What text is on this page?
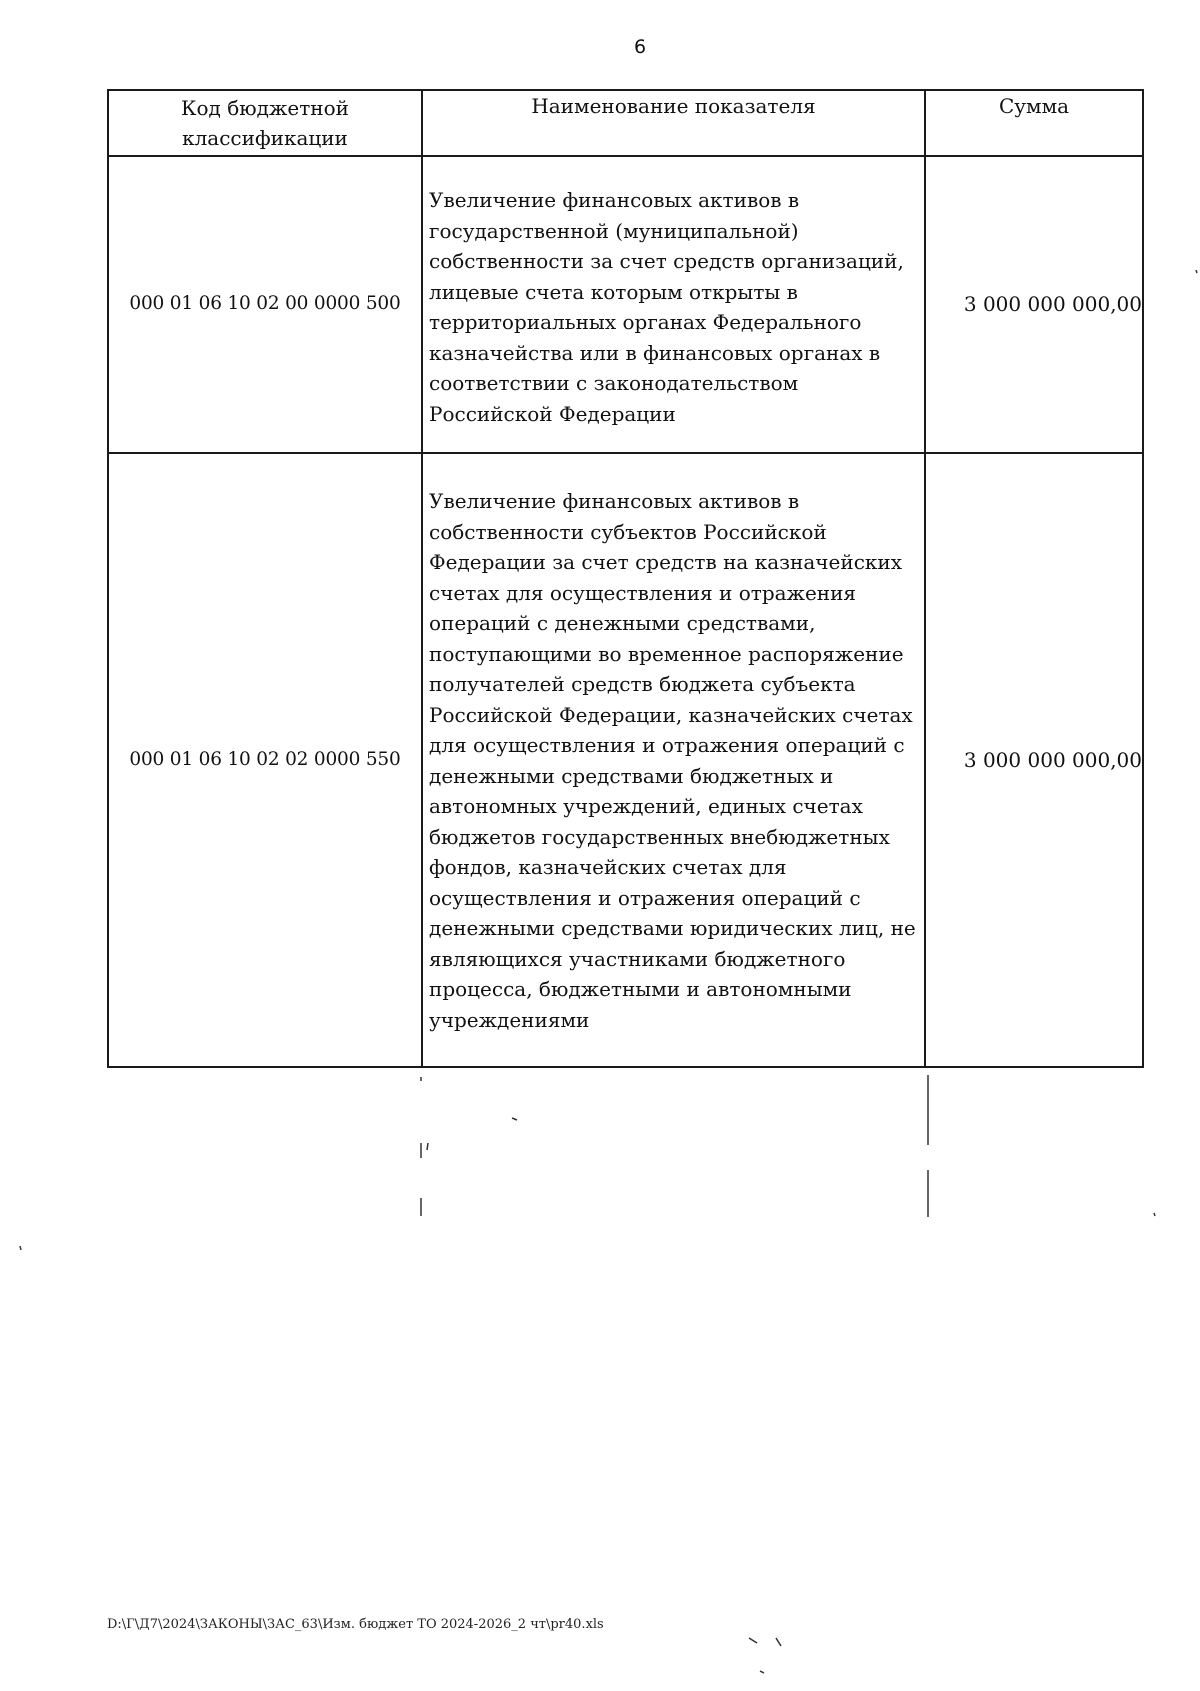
6
Код бюджетной классификации	Наименование показателя	Сумма
000 01 06 10 02 00 0000 500	Увеличение финансовых активов в государственной (муниципальной) собственности за счет средств организаций, лицевые счета которым открыты в территориальных органах Федерального казначейства или в финансовых органах в соответствии с законодательством Российской Федерации	3 000 000 000,00
000 01 06 10 02 02 0000 550	Увеличение финансовых активов в собственности субъектов Российской Федерации за счет средств на казначейских счетах для осуществления и отражения операций с денежными средствами, поступающими во временное распоряжение получателей средств бюджета субъекта Российской Федерации, казначейских счетах для осуществления и отражения операций с денежными средствами бюджетных и автономных учреждений, единых счетах бюджетов государственных внебюджетных фондов, казначейских счетах для осуществления и отражения операций с денежными средствами юридических лиц, не являющихся участниками бюджетного процесса, бюджетными и автономными учреждениями	3 000 000 000,00
D:\Г\Д7\2024\ЗАКОНЫ\ЗАС_63\Изм. бюджет ТО 2024-2026_2 чт\pr40.xls
